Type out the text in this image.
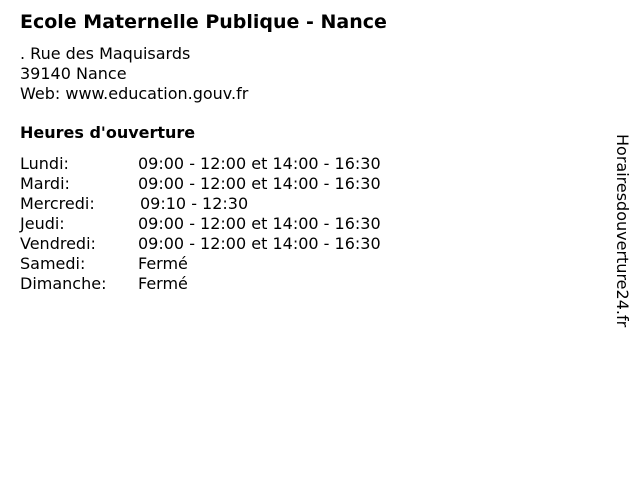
Ecole Maternelle Publique - Nance
. Rue des Maquisards
39140 Nance
Web: www.education.gouv.fr
Heures d'ouverture
Lundi:	09:00 - 12:00 et 14:00 - 16:30
Mardi:	09:00 - 12:00 et 14:00 - 16:30
Mercredi:	09:10 - 12:30
Jeudi:	09:00 - 12:00 et 14:00 - 16:30
Vendredi:	09:00 - 12:00 et 14:00 - 16:30
Samedi:	Fermé
Dimanche: Fermé	Horairesdouverture24.fr
